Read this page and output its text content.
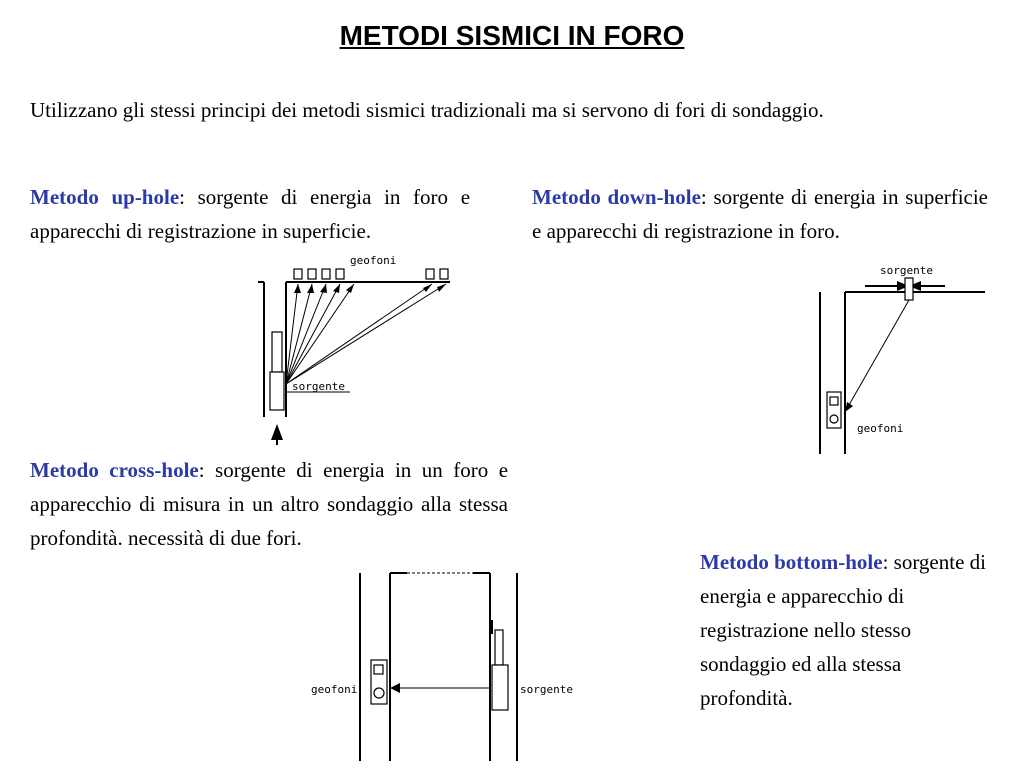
METODI SISMICI IN FORO
Utilizzano gli stessi principi dei metodi sismici tradizionali ma si servono di fori di sondaggio.
Metodo up-hole: sorgente di energia in foro e apparecchi di registrazione in superficie.
Metodo down-hole: sorgente di energia in superficie e apparecchi di registrazione in foro.
Metodo cross-hole: sorgente di energia in un foro e apparecchio di misura in un altro sondaggio alla stessa profondità. necessità di due fori.
Metodo bottom-hole: sorgente di energia e apparecchio di registrazione nello stesso sondaggio ed alla stessa profondità.
geofoni
sorgente
sorgente
geofoni
geofoni	sorgente
